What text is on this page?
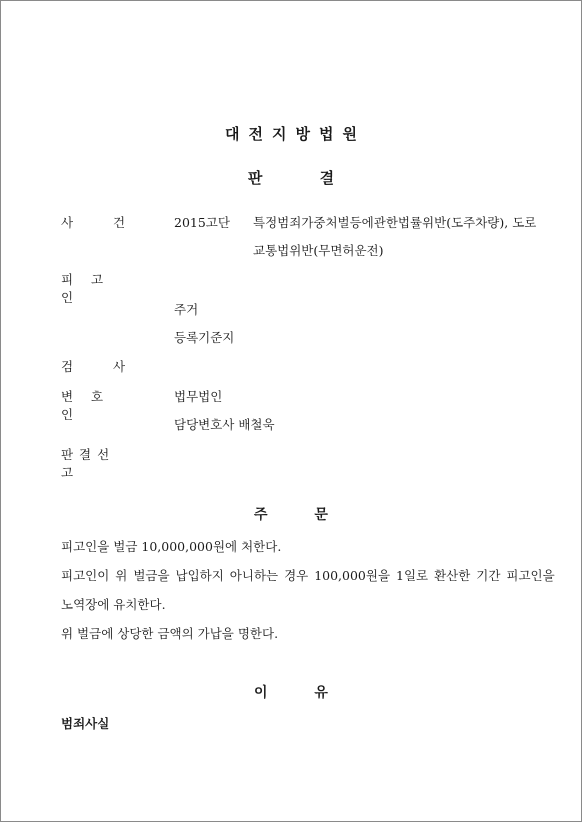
대전지방법원
판 결
사 건	2015고단 특정범죄가중처벌등에관한법률위반(도주차량), 도로
교통법위반(무면허운전)
피 고 인
주거
등록기준지
검 사
변 호 인
법무법인
담당변호사 배철욱
판 결 선 고
주 문
피고인을 벌금 10,000,000원에 처한다.
피고인이 위 벌금을 납입하지 아니하는 경우 100,000원을 1일로 환산한 기간 피고인을
노역장에 유치한다.
위 벌금에 상당한 금액의 가납을 명한다.
이 유
범죄사실
